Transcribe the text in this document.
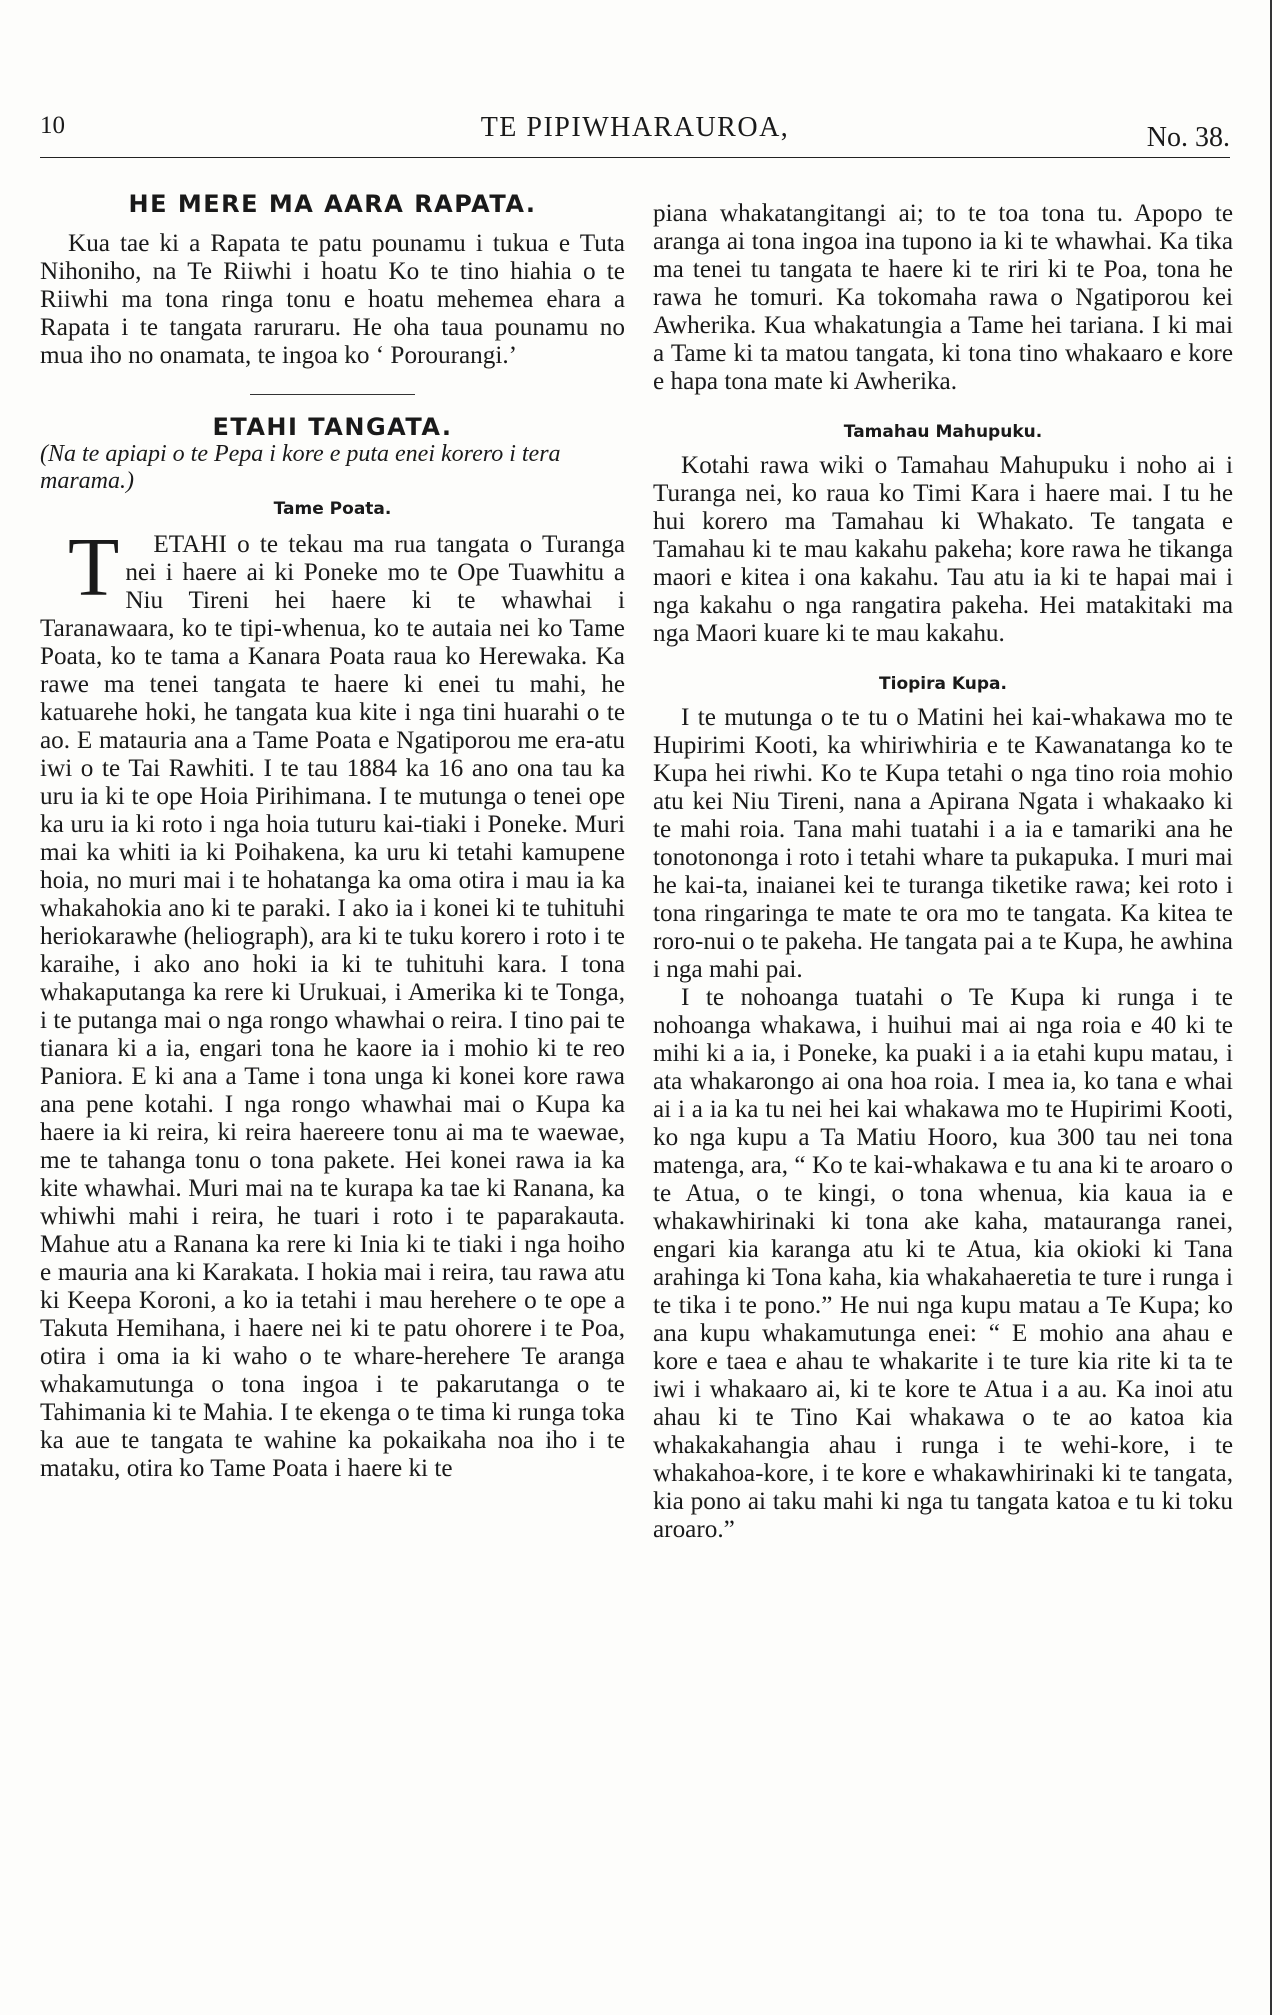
10	TE PIPIWHARAUROA,	No. 38.
HE MERE MA AARA RAPATA.

Kua tae ki a Rapata te patu pounamu i tukua e Tuta Nihoniho, na Te Riiwhi i hoatu Ko te tino hiahia o te Riiwhi ma tona ringa tonu e hoatu mehemea ehara a Rapata i te tangata raruraru. He oha taua pounamu no mua iho no onamata, te ingoa ko ‘ Porourangi.’

ETAHI TANGATA.

(Na te apiapi o te Pepa i kore e puta enei korero i tera marama.)

Tame Poata.

T ETAHI o te tekau ma rua tangata o Turanga nei i haere ai ki Poneke mo te Ope Tuawhitu a Niu Tireni hei haere ki te whawhai i Taranawaara, ko te tipi-whenua, ko te autaia nei ko Tame Poata, ko te tama a Kanara Poata raua ko Herewaka. Ka rawe ma tenei tangata te haere ki enei tu mahi, he katuarehe hoki, he tangata kua kite i nga tini huarahi o te ao. E matauria ana a Tame Poata e Ngatiporou me era-atu iwi o te Tai Rawhiti. I te tau 1884 ka 16 ano ona tau ka uru ia ki te ope Hoia Pirihimana. I te mutunga o tenei ope ka uru ia ki roto i nga hoia tuturu kai-tiaki i Poneke. Muri mai ka whiti ia ki Poihakena, ka uru ki tetahi kamupene hoia, no muri mai i te hohatanga ka oma otira i mau ia ka whakahokia ano ki te paraki. I ako ia i konei ki te tuhituhi heriokarawhe (heliograph), ara ki te tuku korero i roto i te karaihe, i ako ano hoki ia ki te tuhituhi kara. I tona whakaputanga ka rere ki Urukuai, i Amerika ki te Tonga, i te putanga mai o nga rongo whawhai o reira. I tino pai te tianara ki a ia, engari tona he kaore ia i mohio ki te reo Paniora. E ki ana a Tame i tona unga ki konei kore rawa ana pene kotahi. I nga rongo whawhai mai o Kupa ka haere ia ki reira, ki reira haereere tonu ai ma te waewae, me te tahanga tonu o tona pakete. Hei konei rawa ia ka kite whawhai. Muri mai na te kurapa ka tae ki Ranana, ka whiwhi mahi i reira, he tuari i roto i te paparakauta. Mahue atu a Ranana ka rere ki Inia ki te tiaki i nga hoiho e mauria ana ki Karakata. I hokia mai i reira, tau rawa atu ki Keepa Koroni, a ko ia tetahi i mau herehere o te ope a Takuta Hemihana, i haere nei ki te patu ohorere i te Poa, otira i oma ia ki waho o te whare-herehere Te aranga whakamutunga o tona ingoa i te pakarutanga o te Tahimania ki te Mahia. I te ekenga o te tima ki runga toka ka aue te tangata te wahine ka pokaikaha noa iho i te mataku, otira ko Tame Poata i haere ki te

piana whakatangitangi ai; to te toa tona tu. Apopo te aranga ai tona ingoa ina tupono ia ki te whawhai. Ka tika ma tenei tu tangata te haere ki te riri ki te Poa, tona he rawa he tomuri. Ka tokomaha rawa o Ngatiporou kei Awherika. Kua whakatungia a Tame hei tariana. I ki mai a Tame ki ta matou tangata, ki tona tino whakaaro e kore e hapa tona mate ki Awherika.

Tamahau Mahupuku.

Kotahi rawa wiki o Tamahau Mahupuku i noho ai i Turanga nei, ko raua ko Timi Kara i haere mai. I tu he hui korero ma Tamahau ki Whakato. Te tangata e Tamahau ki te mau kakahu pakeha; kore rawa he tikanga maori e kitea i ona kakahu. Tau atu ia ki te hapai mai i nga kakahu o nga rangatira pakeha. Hei matakitaki ma nga Maori kuare ki te mau kakahu.

Tiopira Kupa.

I te mutunga o te tu o Matini hei kai-whakawa mo te Hupirimi Kooti, ka whiriwhiria e te Kawanatanga ko te Kupa hei riwhi. Ko te Kupa tetahi o nga tino roia mohio atu kei Niu Tireni, nana a Apirana Ngata i whakaako ki te mahi roia. Tana mahi tuatahi i a ia e tamariki ana he tonotononga i roto i tetahi whare ta pukapuka. I muri mai he kai-ta, inaianei kei te turanga tiketike rawa; kei roto i tona ringaringa te mate te ora mo te tangata. Ka kitea te roro-nui o te pakeha. He tangata pai a te Kupa, he awhina i nga mahi pai.

I te nohoanga tuatahi o Te Kupa ki runga i te nohoanga whakawa, i huihui mai ai nga roia e 40 ki te mihi ki a ia, i Poneke, ka puaki i a ia etahi kupu matau, i ata whakarongo ai ona hoa roia. I mea ia, ko tana e whai ai i a ia ka tu nei hei kai whakawa mo te Hupirimi Kooti, ko nga kupu a Ta Matiu Hooro, kua 300 tau nei tona matenga, ara, “ Ko te kai-whakawa e tu ana ki te aroaro o te Atua, o te kingi, o tona whenua, kia kaua ia e whakawhirinaki ki tona ake kaha, matauranga ranei, engari kia karanga atu ki te Atua, kia okioki ki Tana arahinga ki Tona kaha, kia whakahaeretia te ture i runga i te tika i te pono.” He nui nga kupu matau a Te Kupa; ko ana kupu whakamutunga enei: “ E mohio ana ahau e kore e taea e ahau te whakarite i te ture kia rite ki ta te iwi i whakaaro ai, ki te kore te Atua i a au. Ka inoi atu ahau ki te Tino Kai whakawa o te ao katoa kia whakakahangia ahau i runga i te wehi-kore, i te whakahoa-kore, i te kore e whakawhirinaki ki te tangata, kia pono ai taku mahi ki nga tu tangata katoa e tu ki toku aroaro.”
